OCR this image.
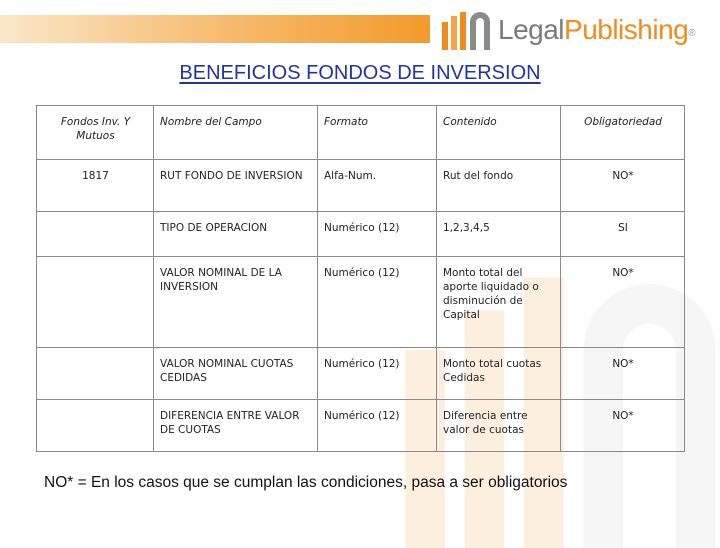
LegalPublishing®
BENEFICIOS FONDOS DE INVERSION
Fondos Inv. Y Mutuos	Nombre del Campo	Formato	Contenido	Obligatoriedad
1817	RUT FONDO DE INVERSION	Alfa-Num.	Rut del fondo	NO*
	TIPO DE OPERACION	Numérico (12)	1,2,3,4,5	SI
	VALOR NOMINAL DE LA INVERSION	Numérico (12)	Monto total del aporte liquidado o disminución de Capital	NO*
	VALOR NOMINAL CUOTAS CEDIDAS	Numérico (12)	Monto total cuotas Cedidas	NO*
	DIFERENCIA ENTRE VALOR DE CUOTAS	Numérico (12)	Diferencia entre valor de cuotas	NO*
NO* = En los casos que se cumplan las condiciones, pasa a ser obligatorios
